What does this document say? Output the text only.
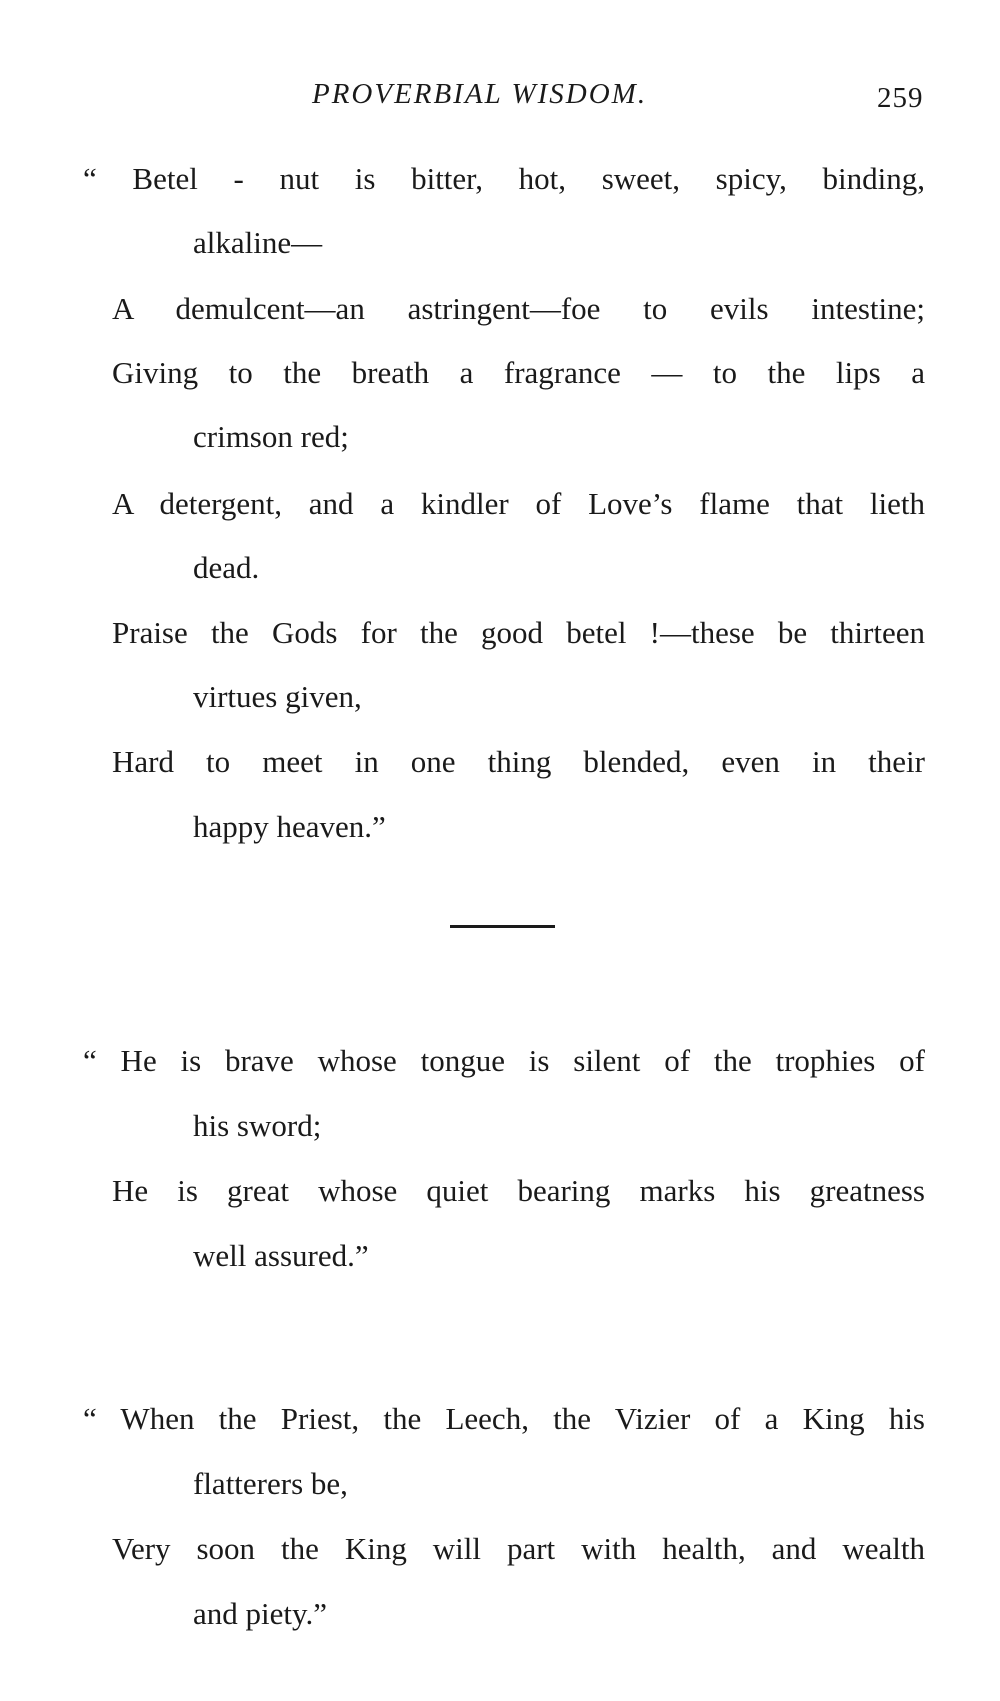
PROVERBIAL WISDOM.	259
“ Betel - nut is bitter, hot, sweet, spicy, binding,
alkaline—
A demulcent—an astringent—foe to evils intestine;
Giving to the breath a fragrance — to the lips a
crimson red;
A detergent, and a kindler of Love’s flame that lieth
dead.
Praise the Gods for the good betel !—these be thirteen
virtues given,
Hard to meet in one thing blended, even in their
happy heaven.”
“ He is brave whose tongue is silent of the trophies of
his sword;
He is great whose quiet bearing marks his greatness
well assured.”
“ When the Priest, the Leech, the Vizier of a King his
flatterers be,
Very soon the King will part with health, and wealth
and piety.”
